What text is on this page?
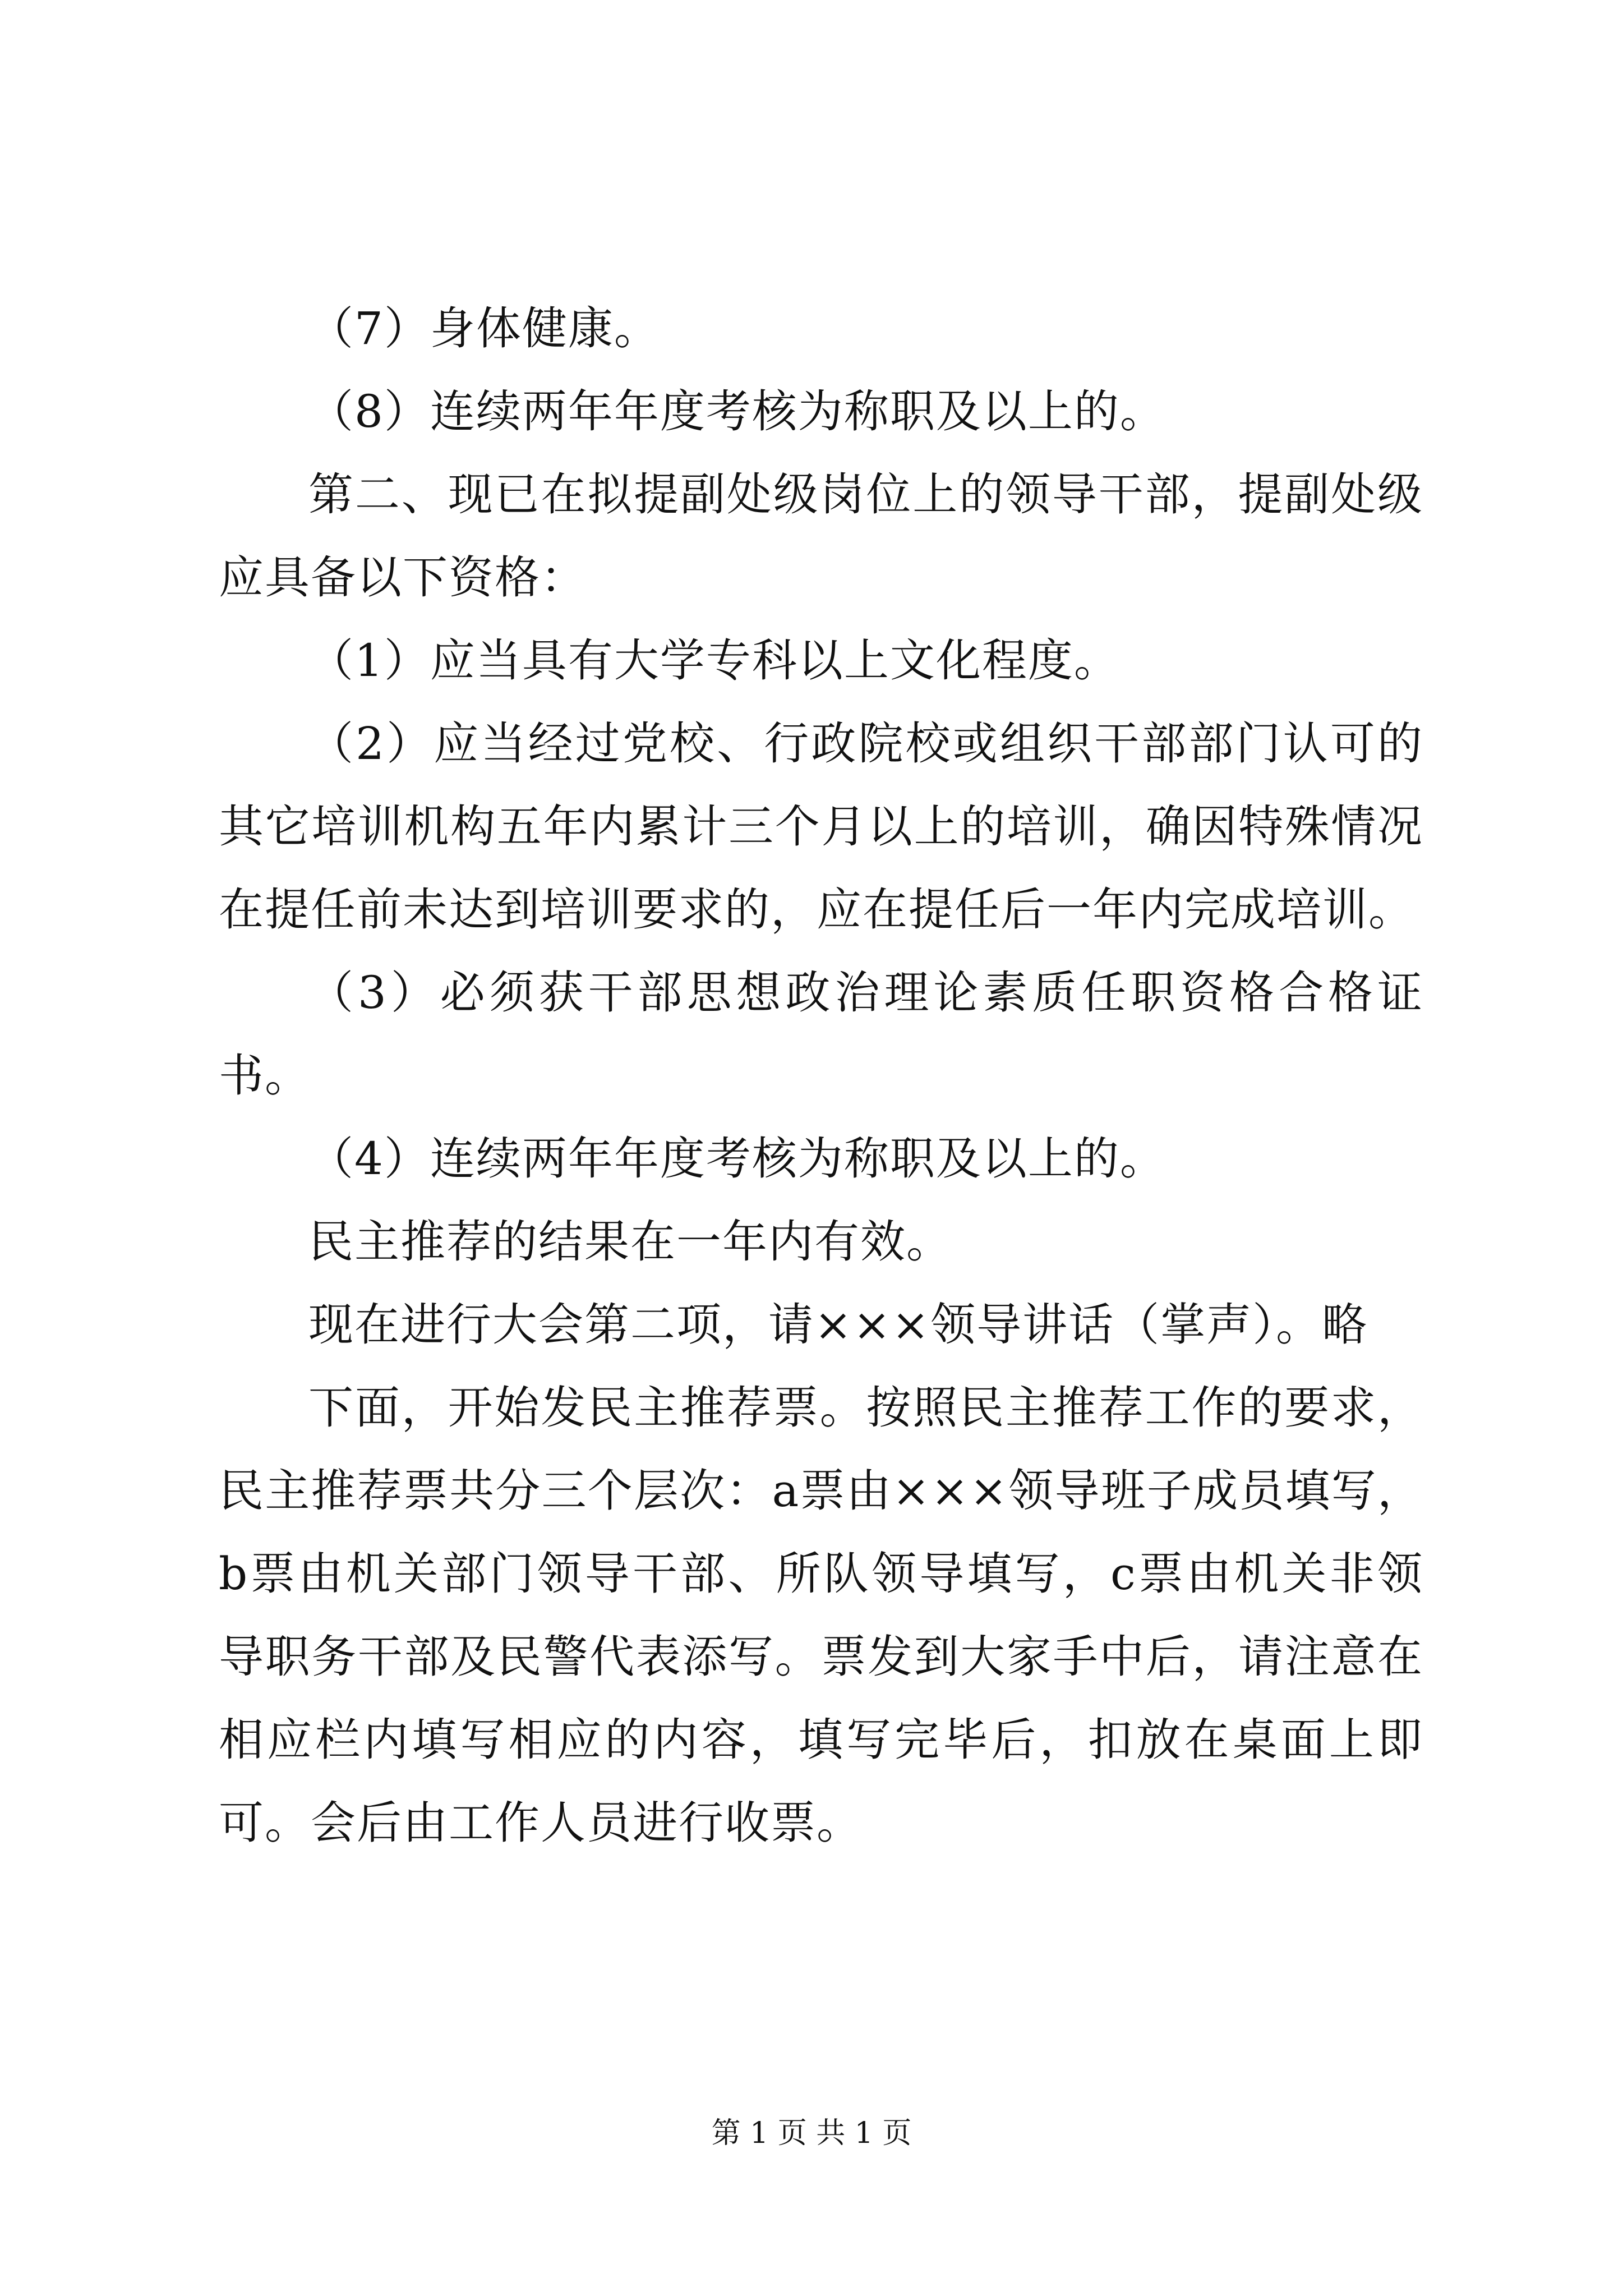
（7）身体健康。

（8）连续两年年度考核为称职及以上的。

第二、现已在拟提副处级岗位上的领导干部，提副处级应具备以下资格：

（1）应当具有大学专科以上文化程度。

（2）应当经过党校、行政院校或组织干部部门认可的其它培训机构五年内累计三个月以上的培训，确因特殊情况在提任前未达到培训要求的，应在提任后一年内完成培训。

（3）必须获干部思想政治理论素质任职资格合格证书。

（4）连续两年年度考核为称职及以上的。

民主推荐的结果在一年内有效。

现在进行大会第二项，请×××领导讲话（掌声）。略

下面，开始发民主推荐票。按照民主推荐工作的要求，民主推荐票共分三个层次：a票由×××领导班子成员填写，b票由机关部门领导干部、所队领导填写，c票由机关非领导职务干部及民警代表添写。票发到大家手中后，请注意在相应栏内填写相应的内容，填写完毕后，扣放在桌面上即可。会后由工作人员进行收票。

第 1 页 共 1 页
